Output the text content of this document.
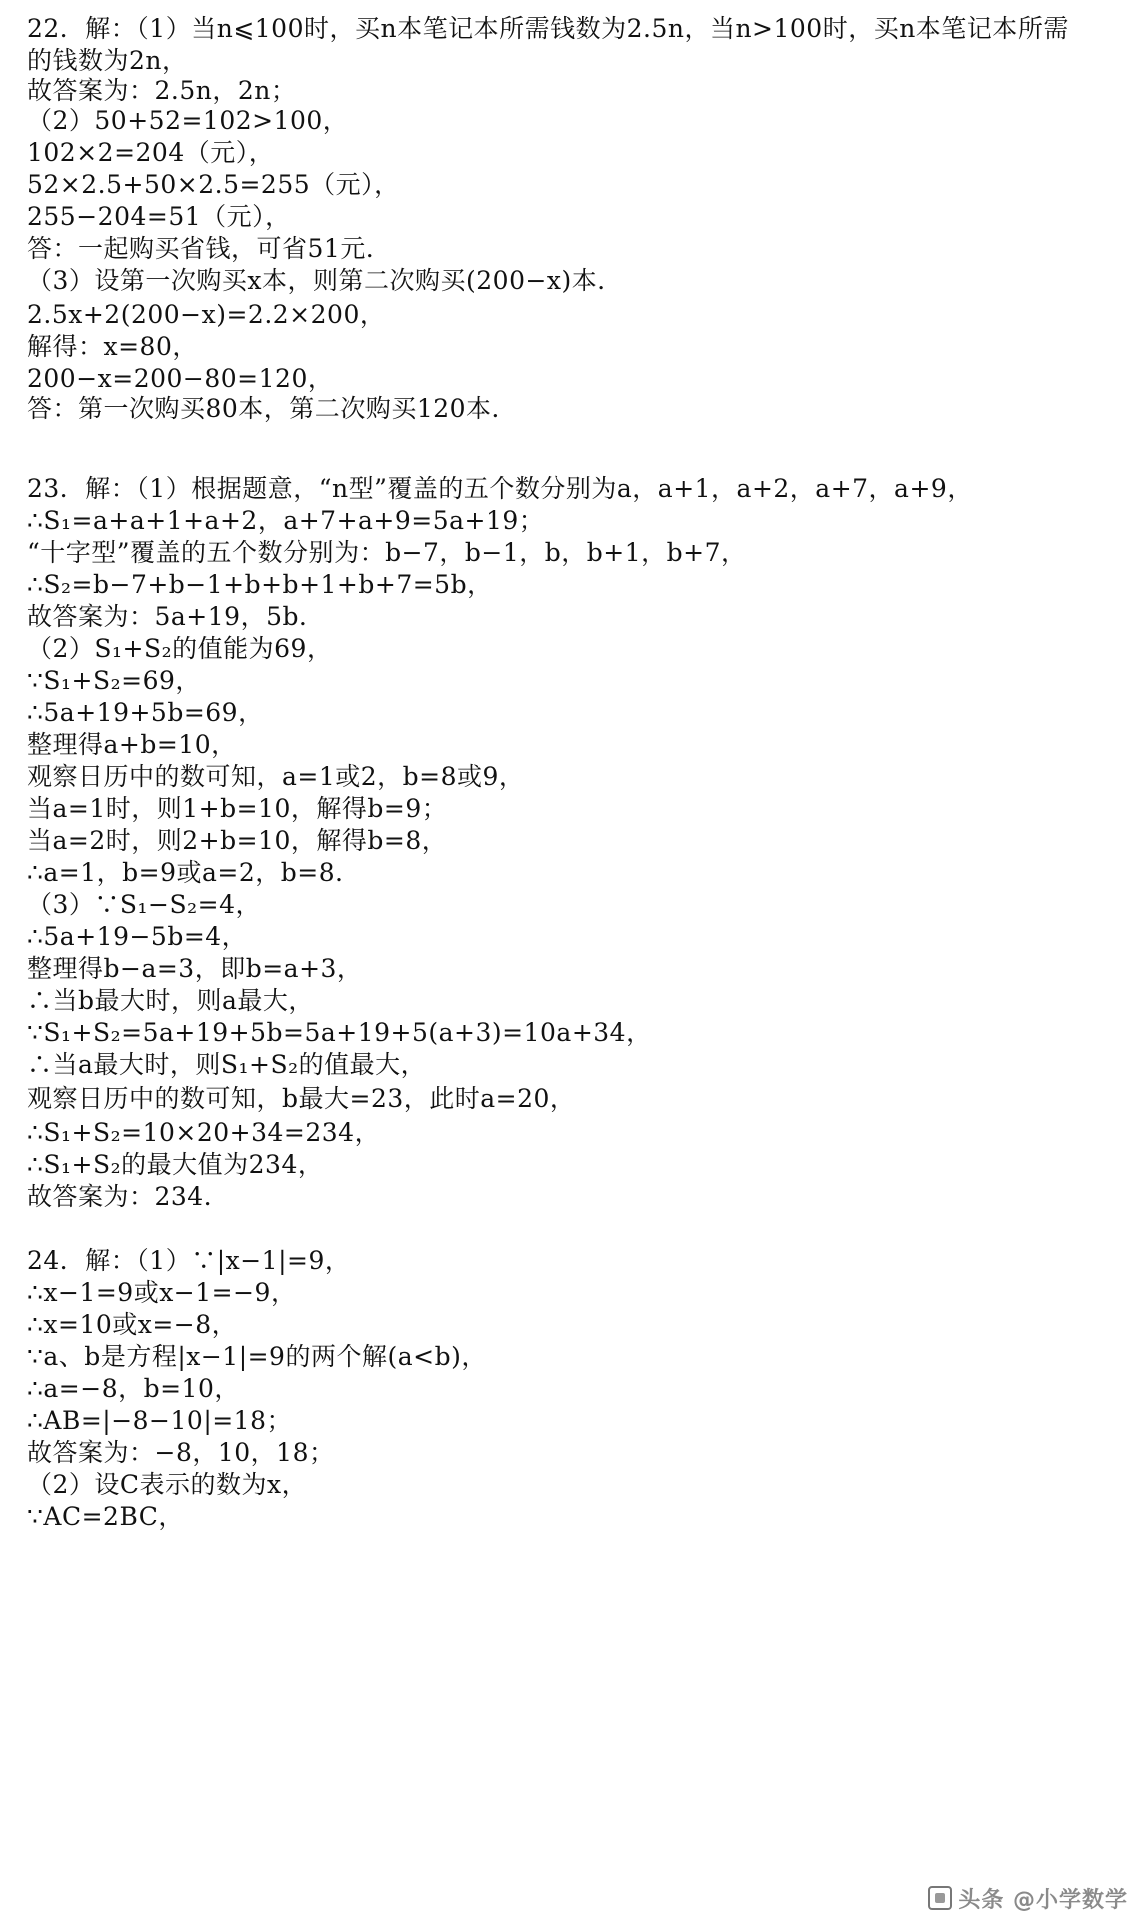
22．解：（1）当n⩽100时，买n本笔记本所需钱数为2.5n，当n>100时，买n本笔记本所需
的钱数为2n，
故答案为：2.5n，2n；
（2）50+52=102>100，
102×2=204（元），
52×2.5+50×2.5=255（元），
255−204=51（元），
答：一起购买省钱，可省51元．
（3）设第一次购买x本，则第二次购买(200−x)本．
2.5x+2(200−x)=2.2×200，
解得：x=80，
200−x=200−80=120，
答：第一次购买80本，第二次购买120本．
23．解：（1）根据题意，“n型”覆盖的五个数分别为a，a+1，a+2，a+7，a+9，
∴S₁=a+a+1+a+2，a+7+a+9=5a+19；
“十字型”覆盖的五个数分别为：b−7，b−1，b，b+1，b+7，
∴S₂=b−7+b−1+b+b+1+b+7=5b，
故答案为：5a+19，5b．
（2）S₁+S₂的值能为69，
∵S₁+S₂=69，
∴5a+19+5b=69，
整理得a+b=10，
观察日历中的数可知，a=1或2，b=8或9，
当a=1时，则1+b=10，解得b=9；
当a=2时，则2+b=10，解得b=8，
∴a=1，b=9或a=2，b=8．
（3）∵S₁−S₂=4，
∴5a+19−5b=4，
整理得b−a=3，即b=a+3，
∴当b最大时，则a最大，
∵S₁+S₂=5a+19+5b=5a+19+5(a+3)=10a+34，
∴当a最大时，则S₁+S₂的值最大，
观察日历中的数可知，b最大=23，此时a=20，
∴S₁+S₂=10×20+34=234，
∴S₁+S₂的最大值为234，
故答案为：234．
24．解：（1）∵|x−1|=9，
∴x−1=9或x−1=−9，
∴x=10或x=−8，
∵a、b是方程|x−1|=9的两个解(a<b)，
∴a=−8，b=10，
∴AB=|−8−10|=18；
故答案为：−8，10，18；
（2）设C表示的数为x，
∵AC=2BC，
头条 @小学数学
